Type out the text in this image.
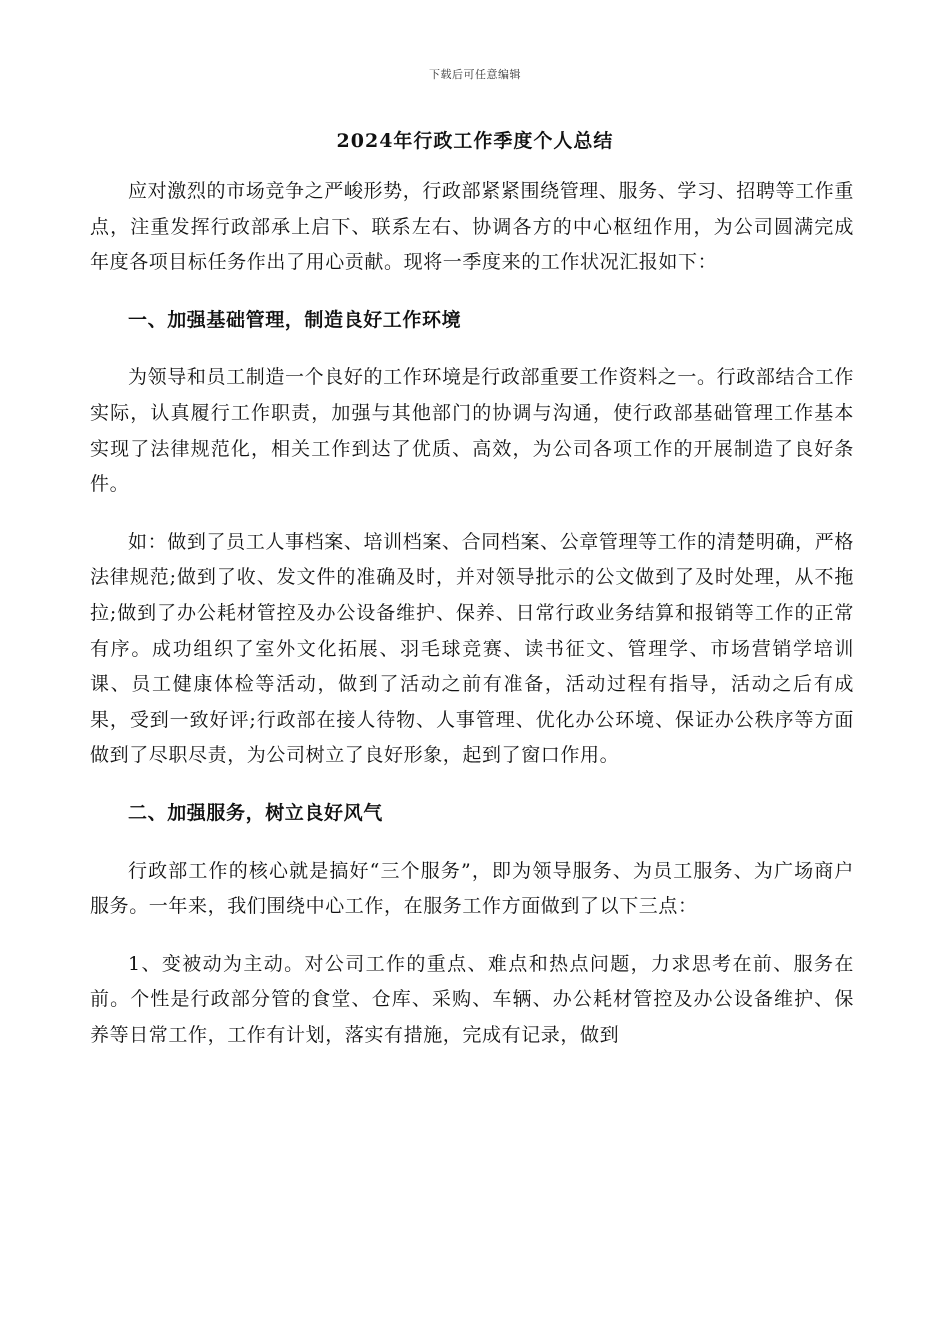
下载后可任意编辑
2024年行政工作季度个人总结

应对激烈的市场竞争之严峻形势，行政部紧紧围绕管理、服务、学习、招聘等工作重点，注重发挥行政部承上启下、联系左右、协调各方的中心枢纽作用，为公司圆满完成年度各项目标任务作出了用心贡献。现将一季度来的工作状况汇报如下：

一、加强基础管理，制造良好工作环境

为领导和员工制造一个良好的工作环境是行政部重要工作资料之一。行政部结合工作实际，认真履行工作职责，加强与其他部门的协调与沟通，使行政部基础管理工作基本实现了法律规范化，相关工作到达了优质、高效，为公司各项工作的开展制造了良好条件。

如：做到了员工人事档案、培训档案、合同档案、公章管理等工作的清楚明确，严格法律规范;做到了收、发文件的准确及时，并对领导批示的公文做到了及时处理，从不拖拉;做到了办公耗材管控及办公设备维护、保养、日常行政业务结算和报销等工作的正常有序。成功组织了室外文化拓展、羽毛球竞赛、读书征文、管理学、市场营销学培训课、员工健康体检等活动，做到了活动之前有准备，活动过程有指导，活动之后有成果，受到一致好评;行政部在接人待物、人事管理、优化办公环境、保证办公秩序等方面做到了尽职尽责，为公司树立了良好形象，起到了窗口作用。

二、加强服务，树立良好风气

行政部工作的核心就是搞好“三个服务”，即为领导服务、为员工服务、为广场商户服务。一年来，我们围绕中心工作，在服务工作方面做到了以下三点：

1、变被动为主动。对公司工作的重点、难点和热点问题，力求思考在前、服务在前。个性是行政部分管的食堂、仓库、采购、车辆、办公耗材管控及办公设备维护、保养等日常工作，工作有计划，落实有措施，完成有记录，做到
